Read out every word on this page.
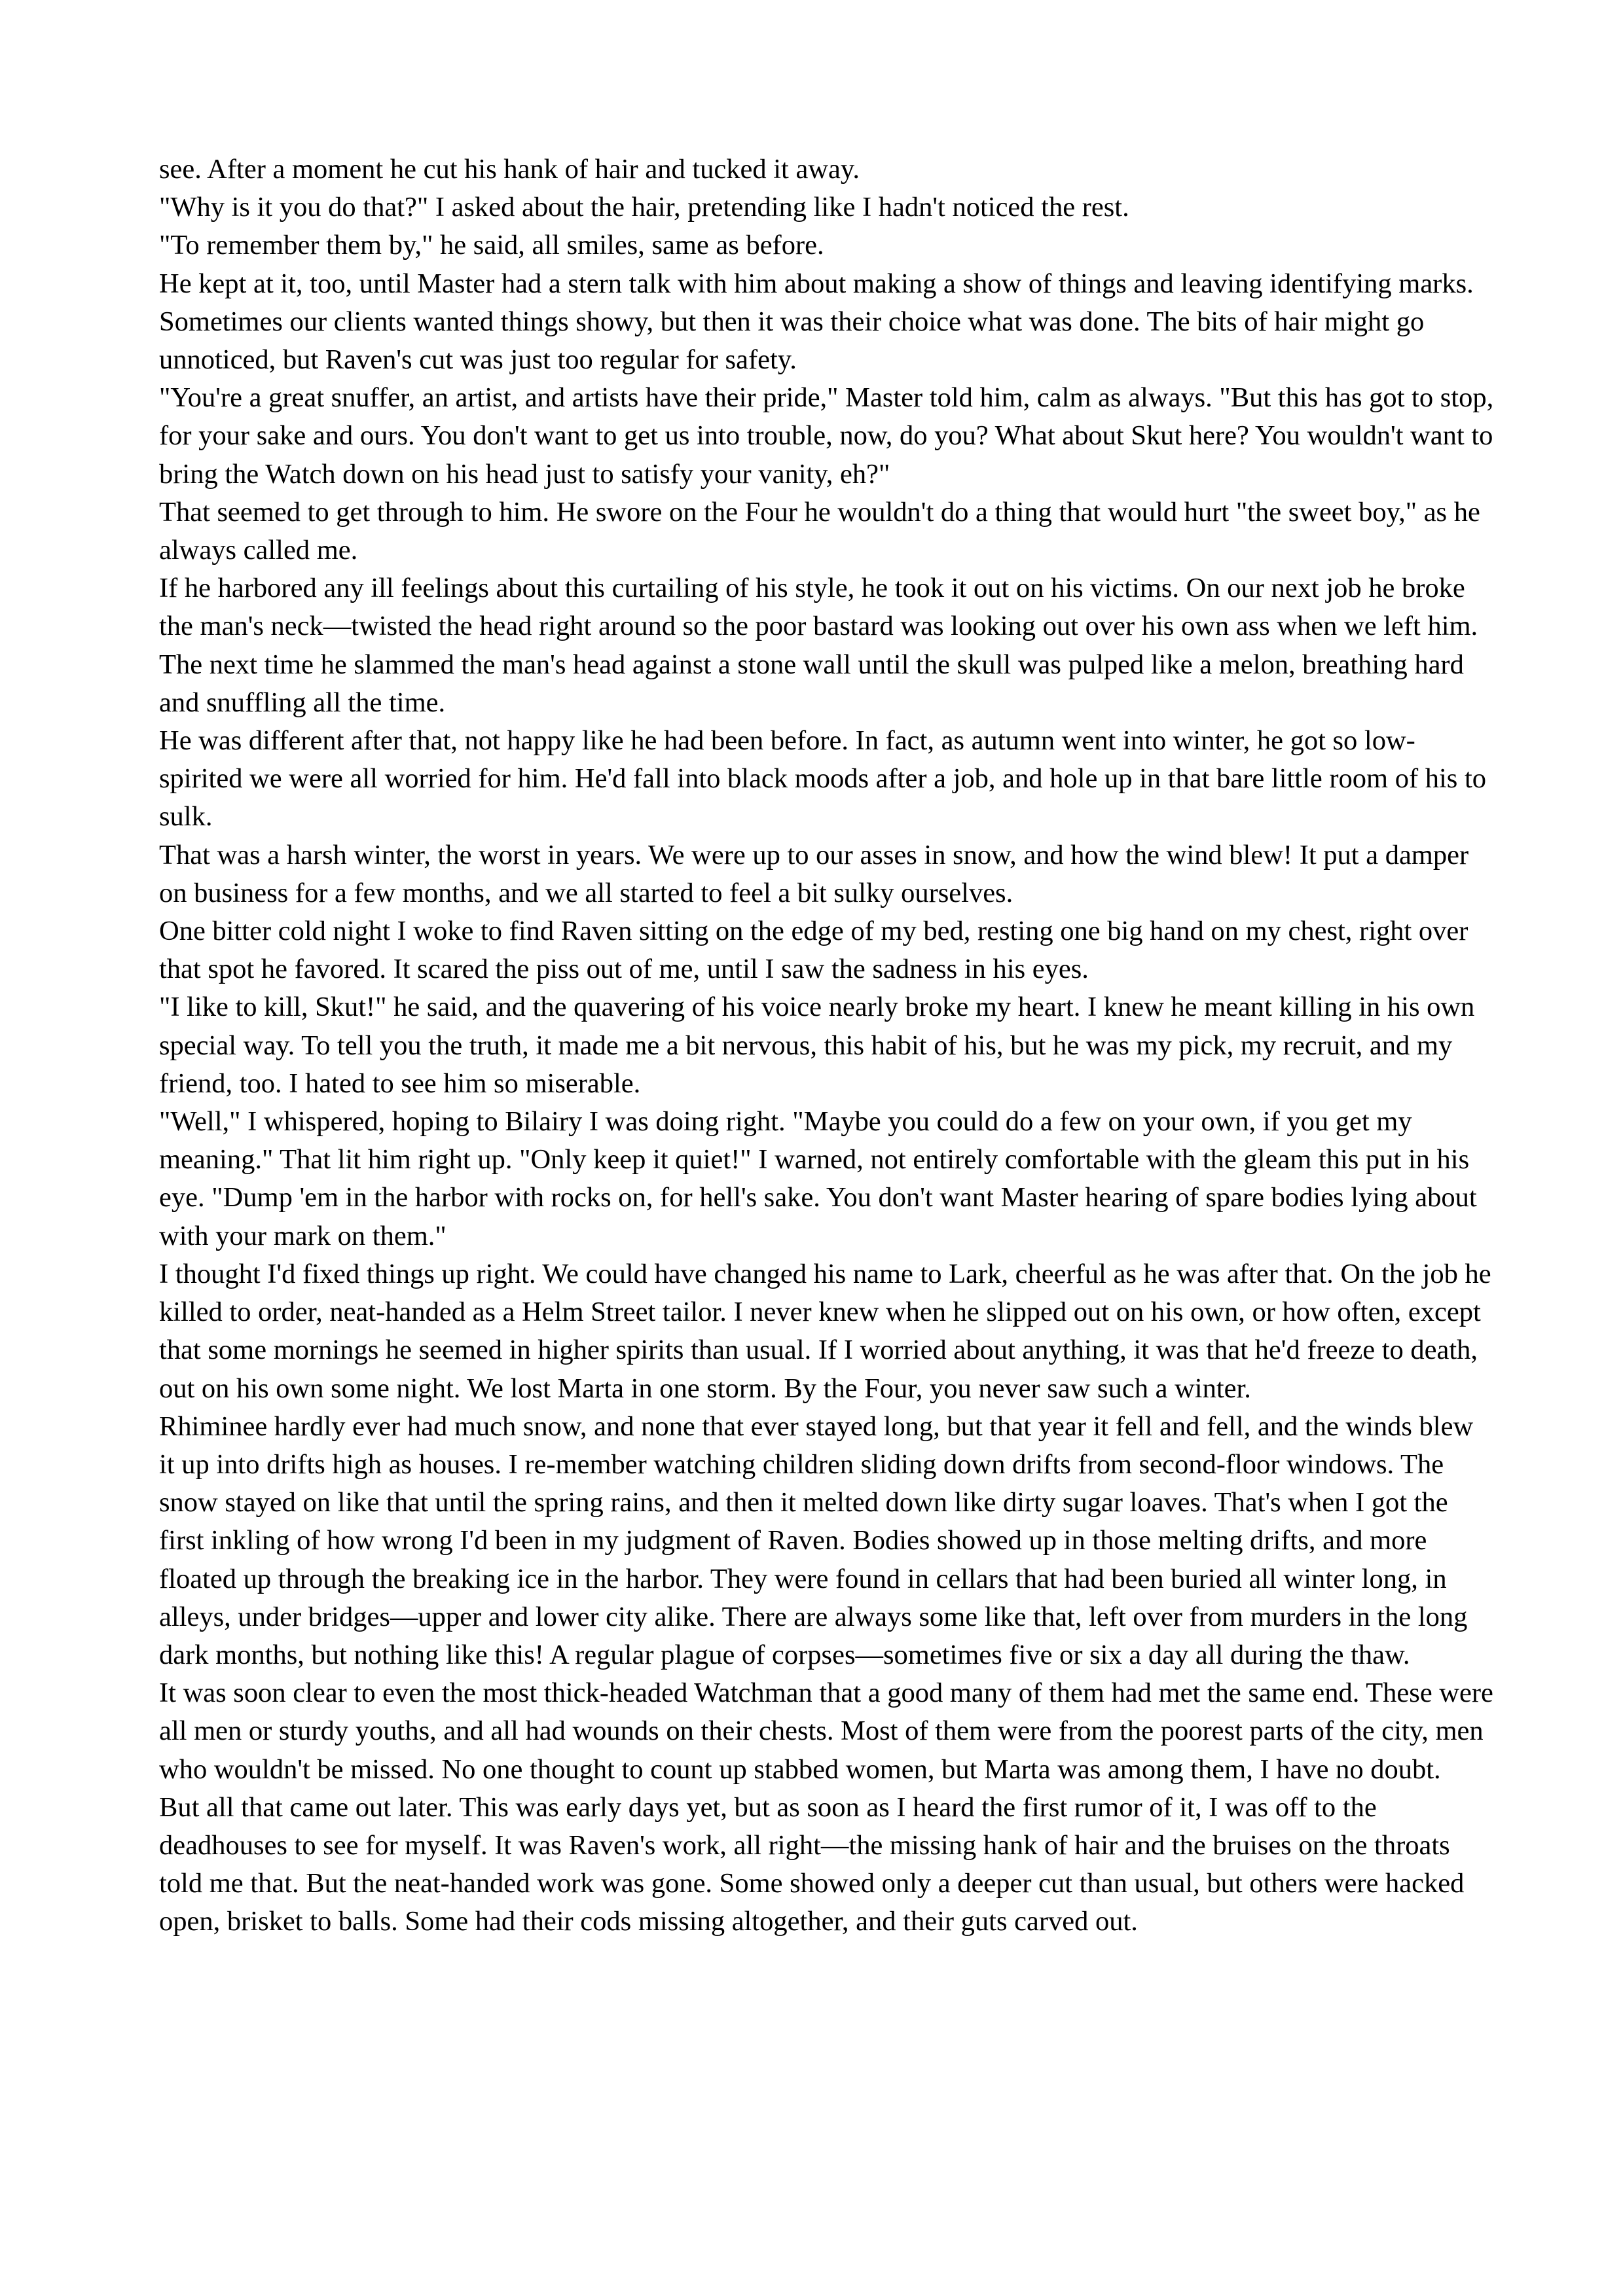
see. After a moment he cut his hank of hair and tucked it away.

"Why is it you do that?" I asked about the hair, pretending like I hadn't noticed the rest.

"To remember them by," he said, all smiles, same as before.

He kept at it, too, until Master had a stern talk with him about making a show of things and leaving identifying marks. Sometimes our clients wanted things showy, but then it was their choice what was done. The bits of hair might go unnoticed, but Raven's cut was just too regular for safety.

"You're a great snuffer, an artist, and artists have their pride," Master told him, calm as always. "But this has got to stop, for your sake and ours. You don't want to get us into trouble, now, do you? What about Skut here? You wouldn't want to bring the Watch down on his head just to satisfy your vanity, eh?"

That seemed to get through to him. He swore on the Four he wouldn't do a thing that would hurt "the sweet boy," as he always called me.

If he harbored any ill feelings about this curtailing of his style, he took it out on his victims. On our next job he broke the man's neck—twisted the head right around so the poor bastard was looking out over his own ass when we left him. The next time he slammed the man's head against a stone wall until the skull was pulped like a melon, breathing hard and snuffling all the time.

He was different after that, not happy like he had been before. In fact, as autumn went into winter, he got so low-spirited we were all worried for him. He'd fall into black moods after a job, and hole up in that bare little room of his to sulk.

That was a harsh winter, the worst in years. We were up to our asses in snow, and how the wind blew! It put a damper on business for a few months, and we all started to feel a bit sulky ourselves.

One bitter cold night I woke to find Raven sitting on the edge of my bed, resting one big hand on my chest, right over that spot he favored. It scared the piss out of me, until I saw the sadness in his eyes.

"I like to kill, Skut!" he said, and the quavering of his voice nearly broke my heart. I knew he meant killing in his own special way. To tell you the truth, it made me a bit nervous, this habit of his, but he was my pick, my recruit, and my friend, too. I hated to see him so miserable.

"Well," I whispered, hoping to Bilairy I was doing right. "Maybe you could do a few on your own, if you get my meaning." That lit him right up. "Only keep it quiet!" I warned, not entirely comfortable with the gleam this put in his eye. "Dump 'em in the harbor with rocks on, for hell's sake. You don't want Master hearing of spare bodies lying about with your mark on them."

I thought I'd fixed things up right. We could have changed his name to Lark, cheerful as he was after that. On the job he killed to order, neat-handed as a Helm Street tailor. I never knew when he slipped out on his own, or how often, except that some mornings he seemed in higher spirits than usual. If I worried about anything, it was that he'd freeze to death, out on his own some night. We lost Marta in one storm. By the Four, you never saw such a winter.

Rhiminee hardly ever had much snow, and none that ever stayed long, but that year it fell and fell, and the winds blew it up into drifts high as houses. I re-member watching children sliding down drifts from second-floor windows. The snow stayed on like that until the spring rains, and then it melted down like dirty sugar loaves. That's when I got the first inkling of how wrong I'd been in my judgment of Raven. Bodies showed up in those melting drifts, and more floated up through the breaking ice in the harbor. They were found in cellars that had been buried all winter long, in alleys, under bridges—upper and lower city alike. There are always some like that, left over from murders in the long dark months, but nothing like this! A regular plague of corpses—sometimes five or six a day all during the thaw.

It was soon clear to even the most thick-headed Watchman that a good many of them had met the same end. These were all men or sturdy youths, and all had wounds on their chests. Most of them were from the poorest parts of the city, men who wouldn't be missed. No one thought to count up stabbed women, but Marta was among them, I have no doubt.

But all that came out later. This was early days yet, but as soon as I heard the first rumor of it, I was off to the deadhouses to see for myself. It was Raven's work, all right—the missing hank of hair and the bruises on the throats told me that. But the neat-handed work was gone. Some showed only a deeper cut than usual, but others were hacked open, brisket to balls. Some had their cods missing altogether, and their guts carved out.
